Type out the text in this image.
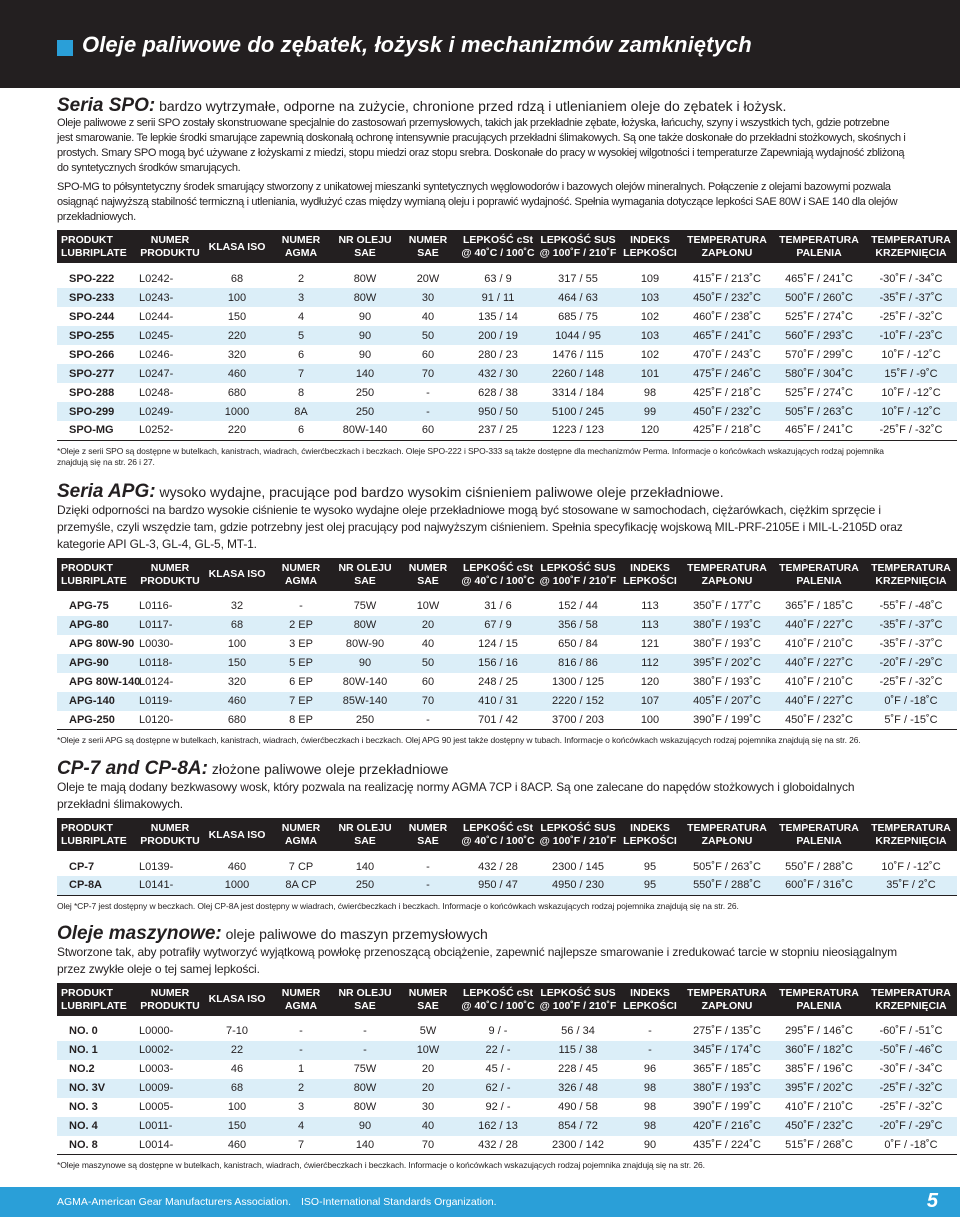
Oleje paliwowe do zębatek, łożysk i mechanizmów zamkniętych
Seria SPO: bardzo wytrzymałe, odporne na zużycie, chronione przed rdzą i utlenianiem oleje do zębatek i łożysk.

Oleje paliwowe z serii SPO zostały skonstruowane specjalnie do zastosowań przemysłowych, takich jak przekładnie zębate, łożyska, łańcuchy, szyny i wszystkich tych, gdzie potrzebne jest smarowanie. Te lepkie środki smarujące zapewnią doskonałą ochronę intensywnie pracujących przekładni ślimakowych. Są one także doskonałe do przekładni stożkowych, skośnych i prostych. Smary SPO mogą być używane z łożyskami z miedzi, stopu miedzi oraz stopu srebra. Doskonałe do pracy w wysokiej wilgotności i temperaturze Zapewniają wydajność zbliżoną do syntetycznych środków smarujących.

SPO-MG to półsyntetyczny środek smarujący stworzony z unikatowej mieszanki syntetycznych węglowodorów i bazowych olejów mineralnych. Połączenie z olejami bazowymi pozwala osiągnąć najwyższą stabilność termiczną i utleniania, wydłużyć czas między wymianą oleju i poprawić wydajność. Spełnia wymagania dotyczące lepkości SAE 80W i SAE 140 dla olejów przekładniowych.

PRODUKT LUBRIPLATE	NUMER PRODUKTU	KLASA ISO	NUMER AGMA	NR OLEJU SAE	NUMER SAE	LEPKOŚĆ cSt @ 40˚C / 100˚C	LEPKOŚĆ SUS @ 100˚F / 210˚F	INDEKS LEPKOŚCI	TEMPERATURA ZAPŁONU	TEMPERATURA PALENIA	TEMPERATURA KRZEPNIĘCIA

SPO-222	L0242-	68	2	80W	20W	63 / 9	317 / 55	109	415˚F / 213˚C	465˚F / 241˚C	-30˚F / -34˚C
SPO-233	L0243-	100	3	80W	30	91 / 11	464 / 63	103	450˚F / 232˚C	500˚F / 260˚C	-35˚F / -37˚C
SPO-244	L0244-	150	4	90	40	135 / 14	685 / 75	102	460˚F / 238˚C	525˚F / 274˚C	-25˚F / -32˚C
SPO-255	L0245-	220	5	90	50	200 / 19	1044 / 95	103	465˚F / 241˚C	560˚F / 293˚C	-10˚F / -23˚C
SPO-266	L0246-	320	6	90	60	280 / 23	1476 / 115	102	470˚F / 243˚C	570˚F / 299˚C	10˚F / -12˚C
SPO-277	L0247-	460	7	140	70	432 / 30	2260 / 148	101	475˚F / 246˚C	580˚F / 304˚C	15˚F / -9˚C
SPO-288	L0248-	680	8	250	-	628 / 38	3314 / 184	98	425˚F / 218˚C	525˚F / 274˚C	10˚F / -12˚C
SPO-299	L0249-	1000	8A	250	-	950 / 50	5100 / 245	99	450˚F / 232˚C	505˚F / 263˚C	10˚F / -12˚C
SPO-MG	L0252-	220	6	80W-140	60	237 / 25	1223 / 123	120	425˚F / 218˚C	465˚F / 241˚C	-25˚F / -32˚C

*Oleje z serii SPO są dostępne w butelkach, kanistrach, wiadrach, ćwierćbeczkach i beczkach. Oleje SPO-222 i SPO-333 są także dostępne dla mechanizmów Perma. Informacje o końcówkach wskazujących rodzaj pojemnika znajdują się na str. 26 i 27.

Seria APG: wysoko wydajne, pracujące pod bardzo wysokim ciśnieniem paliwowe oleje przekładniowe.

Dzięki odporności na bardzo wysokie ciśnienie te wysoko wydajne oleje przekładniowe mogą być stosowane w samochodach, ciężarówkach, ciężkim sprzęcie i przemyśle, czyli wszędzie tam, gdzie potrzebny jest olej pracujący pod najwyższym ciśnieniem. Spełnia specyfikację wojskową MIL-PRF-2105E i MIL-L-2105D oraz kategorie API GL-3, GL-4, GL-5, MT-1.

PRODUKT LUBRIPLATE	NUMER PRODUKTU	KLASA ISO	NUMER AGMA	NR OLEJU SAE	NUMER SAE	LEPKOŚĆ cSt @ 40˚C / 100˚C	LEPKOŚĆ SUS @ 100˚F / 210˚F	INDEKS LEPKOŚCI	TEMPERATURA ZAPŁONU	TEMPERATURA PALENIA	TEMPERATURA KRZEPNIĘCIA

APG-75	L0116-	32	-	75W	10W	31 / 6	152 / 44	113	350˚F / 177˚C	365˚F / 185˚C	-55˚F / -48˚C
APG-80	L0117-	68	2 EP	80W	20	67 / 9	356 / 58	113	380˚F / 193˚C	440˚F / 227˚C	-35˚F / -37˚C
APG 80W-90	L0030-	100	3 EP	80W-90	40	124 / 15	650 / 84	121	380˚F / 193˚C	410˚F / 210˚C	-35˚F / -37˚C
APG-90	L0118-	150	5 EP	90	50	156 / 16	816 / 86	112	395˚F / 202˚C	440˚F / 227˚C	-20˚F / -29˚C
APG 80W-140	L0124-	320	6 EP	80W-140	60	248 / 25	1300 / 125	120	380˚F / 193˚C	410˚F / 210˚C	-25˚F / -32˚C
APG-140	L0119-	460	7 EP	85W-140	70	410 / 31	2220 / 152	107	405˚F / 207˚C	440˚F / 227˚C	0˚F / -18˚C
APG-250	L0120-	680	8 EP	250	-	701 / 42	3700 / 203	100	390˚F / 199˚C	450˚F / 232˚C	5˚F / -15˚C

*Oleje z serii APG są dostępne w butelkach, kanistrach, wiadrach, ćwierćbeczkach i beczkach. Olej APG 90 jest także dostępny w tubach. Informacje o końcówkach wskazujących rodzaj pojemnika znajdują się na str. 26.

CP-7 and CP-8A: złożone paliwowe oleje przekładniowe

Oleje te mają dodany bezkwasowy wosk, który pozwala na realizację normy AGMA 7CP i 8ACP. Są one zalecane do napędów stożkowych i globoidalnych przekładni ślimakowych.

PRODUKT LUBRIPLATE	NUMER PRODUKTU	KLASA ISO	NUMER AGMA	NR OLEJU SAE	NUMER SAE	LEPKOŚĆ cSt @ 40˚C / 100˚C	LEPKOŚĆ SUS @ 100˚F / 210˚F	INDEKS LEPKOŚCI	TEMPERATURA ZAPŁONU	TEMPERATURA PALENIA	TEMPERATURA KRZEPNIĘCIA

CP-7	L0139-	460	7 CP	140	-	432 / 28	2300 / 145	95	505˚F / 263˚C	550˚F / 288˚C	10˚F / -12˚C
CP-8A	L0141-	1000	8A CP	250	-	950 / 47	4950 / 230	95	550˚F / 288˚C	600˚F / 316˚C	35˚F / 2˚C

Olej *CP-7 jest dostępny w beczkach. Olej CP-8A jest dostępny w wiadrach, ćwierćbeczkach i beczkach. Informacje o końcówkach wskazujących rodzaj pojemnika znajdują się na str. 26.

Oleje maszynowe: oleje paliwowe do maszyn przemysłowych

Stworzone tak, aby potrafiły wytworzyć wyjątkową powłokę przenoszącą obciążenie, zapewnić najlepsze smarowanie i zredukować tarcie w stopniu nieosiągalnym przez zwykłe oleje o tej samej lepkości.

PRODUKT LUBRIPLATE	NUMER PRODUKTU	KLASA ISO	NUMER AGMA	NR OLEJU SAE	NUMER SAE	LEPKOŚĆ cSt @ 40˚C / 100˚C	LEPKOŚĆ SUS @ 100˚F / 210˚F	INDEKS LEPKOŚCI	TEMPERATURA ZAPŁONU	TEMPERATURA PALENIA	TEMPERATURA KRZEPNIĘCIA

NO. 0	L0000-	7-10	-	-	5W	9 / -	56 / 34	-	275˚F / 135˚C	295˚F / 146˚C	-60˚F / -51˚C
NO. 1	L0002-	22	-	-	10W	22 / -	115 / 38	-	345˚F / 174˚C	360˚F / 182˚C	-50˚F / -46˚C
NO.2	L0003-	46	1	75W	20	45 / -	228 / 45	96	365˚F / 185˚C	385˚F / 196˚C	-30˚F / -34˚C
NO. 3V	L0009-	68	2	80W	20	62 / -	326 / 48	98	380˚F / 193˚C	395˚F / 202˚C	-25˚F / -32˚C
NO. 3	L0005-	100	3	80W	30	92 / -	490 / 58	98	390˚F / 199˚C	410˚F / 210˚C	-25˚F / -32˚C
NO. 4	L0011-	150	4	90	40	162 / 13	854 / 72	98	420˚F / 216˚C	450˚F / 232˚C	-20˚F / -29˚C
NO. 8	L0014-	460	7	140	70	432 / 28	2300 / 142	90	435˚F / 224˚C	515˚F / 268˚C	0˚F / -18˚C

*Oleje maszynowe są dostępne w butelkach, kanistrach, wiadrach, ćwierćbeczkach i beczkach. Informacje o końcówkach wskazujących rodzaj pojemnika znajdują się na str. 26.

AGMA-American Gear Manufacturers Association. ISO-International Standards Organization.	5
